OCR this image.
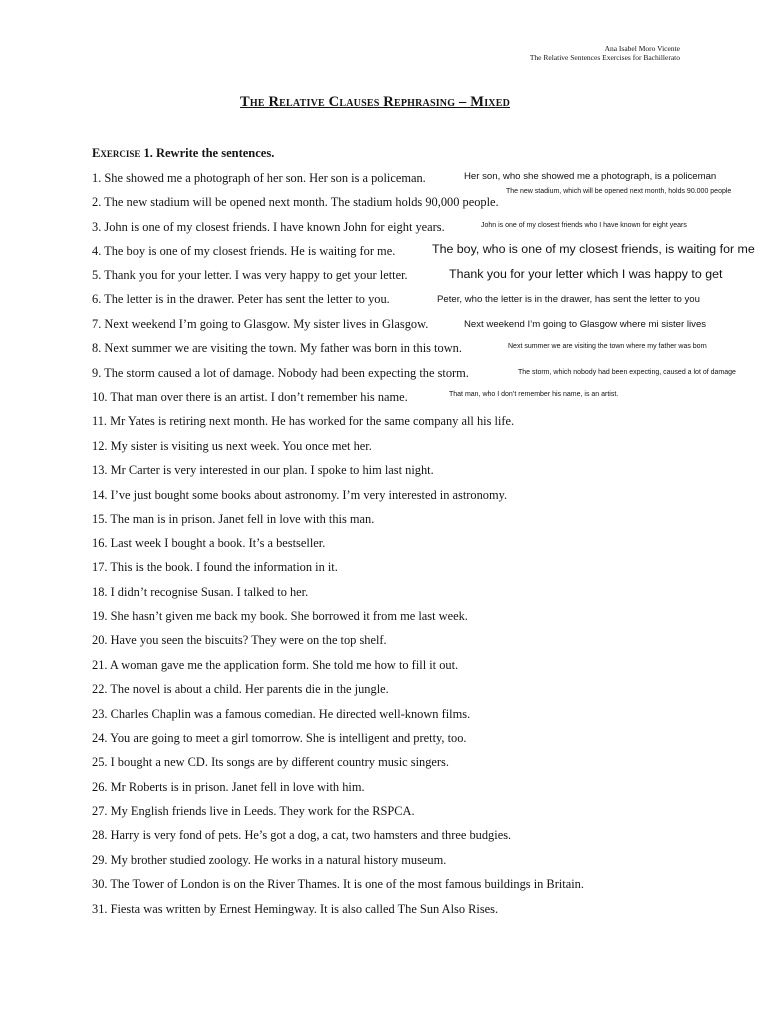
Ana Isabel Moro Vicente
The Relative Sentences Exercises for Bachillerato
The Relative Clauses Rephrasing – Mixed
Exercise 1. Rewrite the sentences.
1. She showed me a photograph of her son. Her son is a policeman.
2. The new stadium will be opened next month. The stadium holds 90,000 people.
3. John is one of my closest friends. I have known John for eight years.
4. The boy is one of my closest friends. He is waiting for me.
5. Thank you for your letter. I was very happy to get your letter.
6. The letter is in the drawer. Peter has sent the letter to you.
7. Next weekend I’m going to Glasgow. My sister lives in Glasgow.
8. Next summer we are visiting the town. My father was born in this town.
9. The storm caused a lot of damage. Nobody had been expecting the storm.
10. That man over there is an artist. I don’t remember his name.
11. Mr Yates is retiring next month. He has worked for the same company all his life.
12. My sister is visiting us next week. You once met her.
13. Mr Carter is very interested in our plan. I spoke to him last night.
14. I’ve just bought some books about astronomy. I’m very interested in astronomy.
15. The man is in prison. Janet fell in love with this man.
16. Last week I bought a book. It’s a bestseller.
17. This is the book. I found the information in it.
18. I didn’t recognise Susan. I talked to her.
19. She hasn’t given me back my book. She borrowed it from me last week.
20. Have you seen the biscuits? They were on the top shelf.
21. A woman gave me the application form. She told me how to fill it out.
22. The novel is about a child. Her parents die in the jungle.
23. Charles Chaplin was a famous comedian. He directed well-known films.
24. You are going to meet a girl tomorrow. She is intelligent and pretty, too.
25. I bought a new CD. Its songs are by different country music singers.
26. Mr Roberts is in prison. Janet fell in love with him.
27. My English friends live in Leeds. They work for the RSPCA.
28. Harry is very fond of pets. He’s got a dog, a cat, two hamsters and three budgies.
29. My brother studied zoology. He works in a natural history museum.
30. The Tower of London is on the River Thames. It is one of the most famous buildings in Britain.
31. Fiesta was written by Ernest Hemingway. It is also called The Sun Also Rises.
Her son, who she showed me a photograph, is a policeman
The new stadium, which will be opened next month, holds 90.000 people
John is one of my closest friends who I have known for eight years
The boy, who is one of my closest friends, is waiting for me
Thank you for your letter which I was happy to get
Peter, who the letter is in the drawer, has sent the letter to you
Next weekend I’m going to Glasgow where mi sister lives
Next summer we are visiting the town where my father was born
The storm, which nobody had been expecting, caused a lot of damage
That man, who I don’t remember his name, is an artist.
